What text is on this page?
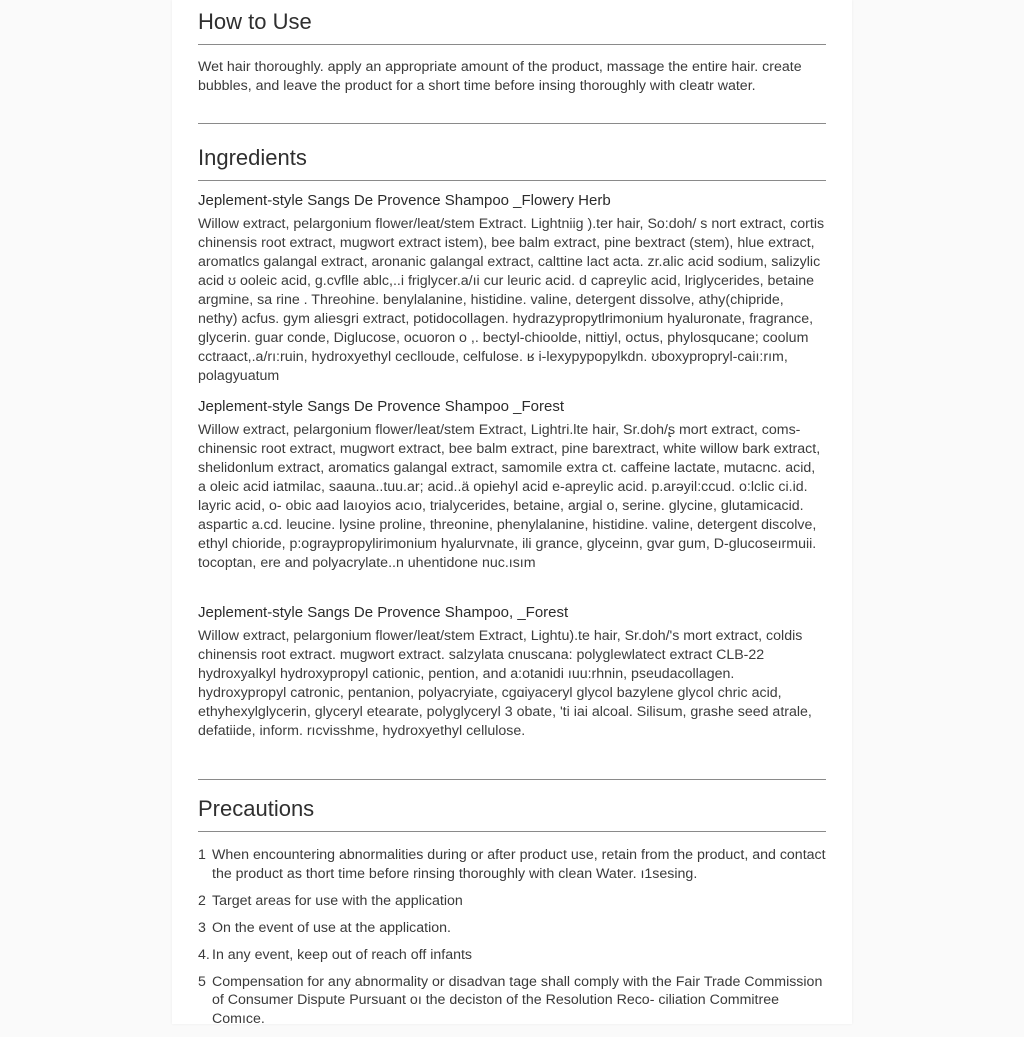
How to Use

Wet hair thoroughly. apply an appropriate amount of the product, massage the entire hair. create bubbles, and leave the product for a short time before insing thoroughly with cleatr water.

Ingredients

Jeplement-style Sangs De Provence Shampoo _Flowery Herb

Willow extract, pelargonium flower/leat/stem Extract. Lightniig ).ter hair, So:doh/ s nort extract, cortis chinensis root extract, mugwort extract istem), bee balm extract, pine bextract (stem), hlue extract, aromatlcs galangal extract, aronanic galangal extract, calttine lact acta. zr.alic acid sodium, salizylic acid ʊ ooleic acid, g.cvflle ablc,..i friglycer.a/ıi cur leuric acid. d capreylic acid, lriglycerides, betaine argmine, sa rine . Threohine. benylalanine, histidine. valine, detergent dissolve, athy(chipride, nethy) acfus. gym aliesgri extract, potidocollagen. hydrazypropytlrimonium hyaluronate, fragrance, glycerin. guar conde, Diglucose, ocuoron o ,. bectyl-chioolde, nittiyl, octus, phylosqucane; coolum cctraact,.a/rı:ruin, hydroxyethyl ceclloude, celfulose. ʁ i-lexypypopylkdn. ʊboxypropryl-caiı:rım, polagyuatum

Jeplement-style Sangs De Provence Shampoo _Forest

Willow extract, pelargonium flower/leat/stem Extract, Lightri.lte hair, Sr.doh/ʂ mort extract, coms-chinensic root extract, mugwort extract, bee balm extract, pine barextract, white willow bark extract, shelidonlum extract, aromatics galangal extract, samomile extra ct. caffeine lactate, mutacnc. acid, a oleic acid iatmilac, saauna..tuu.ar; acid..ä opiehyl acid e-apreylic acid. p.arəyil:ccud. o:lclic ci.id. layric acid, o- obic aad laıoyios acıo, trialycerides, betaine, argial o, serine. glycine, glutamicacid. aspartic a.cd. leucine. lysine proline, threonine, phenylalanine, histidine. valine, detergent discolve, ethyl chioride, p:ograypropylirimonium hyalurvnate, ili grance, glyceinn, gvar gum, D-glucoseırmuii. tocoptan, ere and polyacrylate..n uhentidone nuc.ısım

Jeplement-style Sangs De Provence Shampoo, _Forest

Willow extract, pelargonium flower/leat/stem Extract, Lightu).te hair, Sr.doh/'s mort extract, coldis chinensis root extract. mugwort extract. salzylata cnuscana: polyglewlatect extract CLB-22 hydroxyalkyl hydroxypropyl cationic, pention, and a:otanidi ıuu:rhnin, pseudacollagen. hydroxypropyl catronic, pentanion, polyacryiate, cɡɑiyaceryl glycol bazylene glycol chric acid, ethyhexylglycerin, glyceryl etearate, polyglyceryl 3 obate, 'ti iai alcoal. Silisum, grashe seed atrale, defatiide, inform. rıcvisshme, hydroxyethyl cellulose.

Precautions
1 When encountering abnormalities during or after product use, retain from the product, and contact the product as thort time before rinsing thoroughly with clean Water. ı1sesing.
2 Target areas for use with the application
3 On the event of use at the application.
4. In any event, keep out of reach off infants
5 Compensation for any abnormality or disadvan tage shall comply with the Fair Trade Commission of Consumer Dispute Pursuant oı the deciston of the Resolution Reco- ciliation Commitree Comıce.
